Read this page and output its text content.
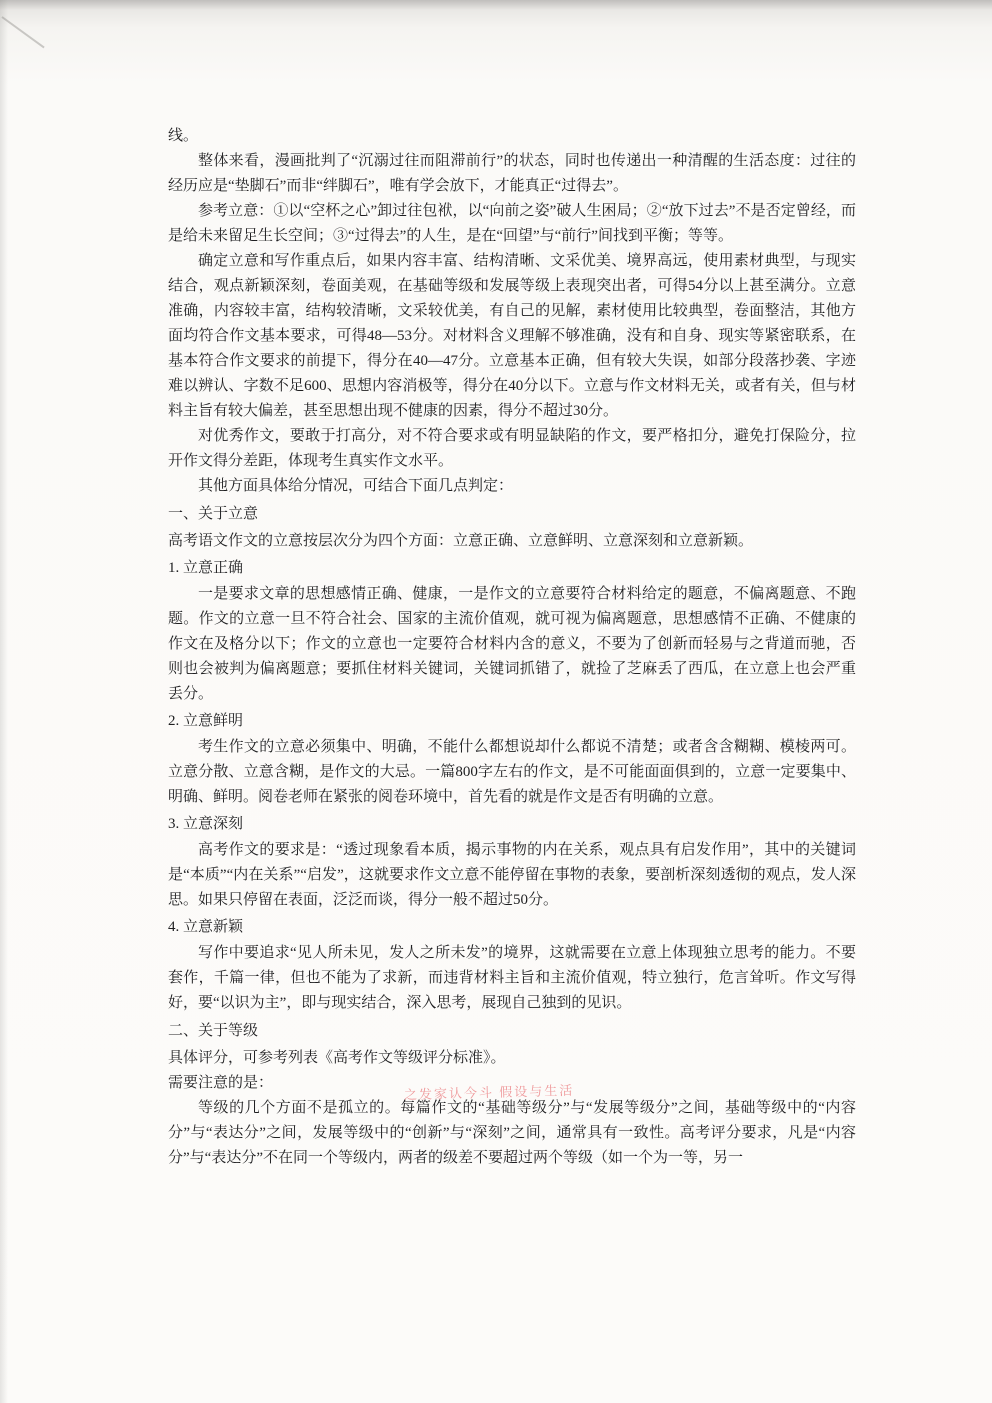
线。

整体来看，漫画批判了“沉溺过往而阻滞前行”的状态，同时也传递出一种清醒的生活态度：过往的经历应是“垫脚石”而非“绊脚石”，唯有学会放下，才能真正“过得去”。

参考立意：①以“空杯之心”卸过往包袱，以“向前之姿”破人生困局；②“放下过去”不是否定曾经，而是给未来留足生长空间；③“过得去”的人生，是在“回望”与“前行”间找到平衡；等等。

确定立意和写作重点后，如果内容丰富、结构清晰、文采优美、境界高远，使用素材典型，与现实结合，观点新颖深刻，卷面美观，在基础等级和发展等级上表现突出者，可得54分以上甚至满分。立意准确，内容较丰富，结构较清晰，文采较优美，有自己的见解，素材使用比较典型，卷面整洁，其他方面均符合作文基本要求，可得48—53分。对材料含义理解不够准确，没有和自身、现实等紧密联系，在基本符合作文要求的前提下，得分在40—47分。立意基本正确，但有较大失误，如部分段落抄袭、字迹难以辨认、字数不足600、思想内容消极等，得分在40分以下。立意与作文材料无关，或者有关，但与材料主旨有较大偏差，甚至思想出现不健康的因素，得分不超过30分。

对优秀作文，要敢于打高分，对不符合要求或有明显缺陷的作文，要严格扣分，避免打保险分，拉开作文得分差距，体现考生真实作文水平。

其他方面具体给分情况，可结合下面几点判定：

一、关于立意

高考语文作文的立意按层次分为四个方面：立意正确、立意鲜明、立意深刻和立意新颖。

1. 立意正确

一是要求文章的思想感情正确、健康，一是作文的立意要符合材料给定的题意，不偏离题意、不跑题。作文的立意一旦不符合社会、国家的主流价值观，就可视为偏离题意，思想感情不正确、不健康的作文在及格分以下；作文的立意也一定要符合材料内含的意义，不要为了创新而轻易与之背道而驰，否则也会被判为偏离题意；要抓住材料关键词，关键词抓错了，就捡了芝麻丢了西瓜，在立意上也会严重丢分。

2. 立意鲜明

考生作文的立意必须集中、明确，不能什么都想说却什么都说不清楚；或者含含糊糊、模棱两可。立意分散、立意含糊，是作文的大忌。一篇800字左右的作文，是不可能面面俱到的，立意一定要集中、明确、鲜明。阅卷老师在紧张的阅卷环境中，首先看的就是作文是否有明确的立意。

3. 立意深刻

高考作文的要求是：“透过现象看本质，揭示事物的内在关系，观点具有启发作用”，其中的关键词是“本质”“内在关系”“启发”，这就要求作文立意不能停留在事物的表象，要剖析深刻透彻的观点，发人深思。如果只停留在表面，泛泛而谈，得分一般不超过50分。

4. 立意新颖

写作中要追求“见人所未见，发人之所未发”的境界，这就需要在立意上体现独立思考的能力。不要套作，千篇一律，但也不能为了求新，而违背材料主旨和主流价值观，特立独行，危言耸听。作文写得好，要“以识为主”，即与现实结合，深入思考，展现自己独到的见识。

二、关于等级

具体评分，可参考列表《高考作文等级评分标准》。

需要注意的是：

等级的几个方面不是孤立的。每篇作文的“基础等级分”与“发展等级分”之间，基础等级中的“内容分”与“表达分”之间，发展等级中的“创新”与“深刻”之间，通常具有一致性。高考评分要求，凡是“内容分”与“表达分”不在同一个等级内，两者的级差不要超过两个等级（如一个为一等，另一

之发家认今斗 假设与生活
